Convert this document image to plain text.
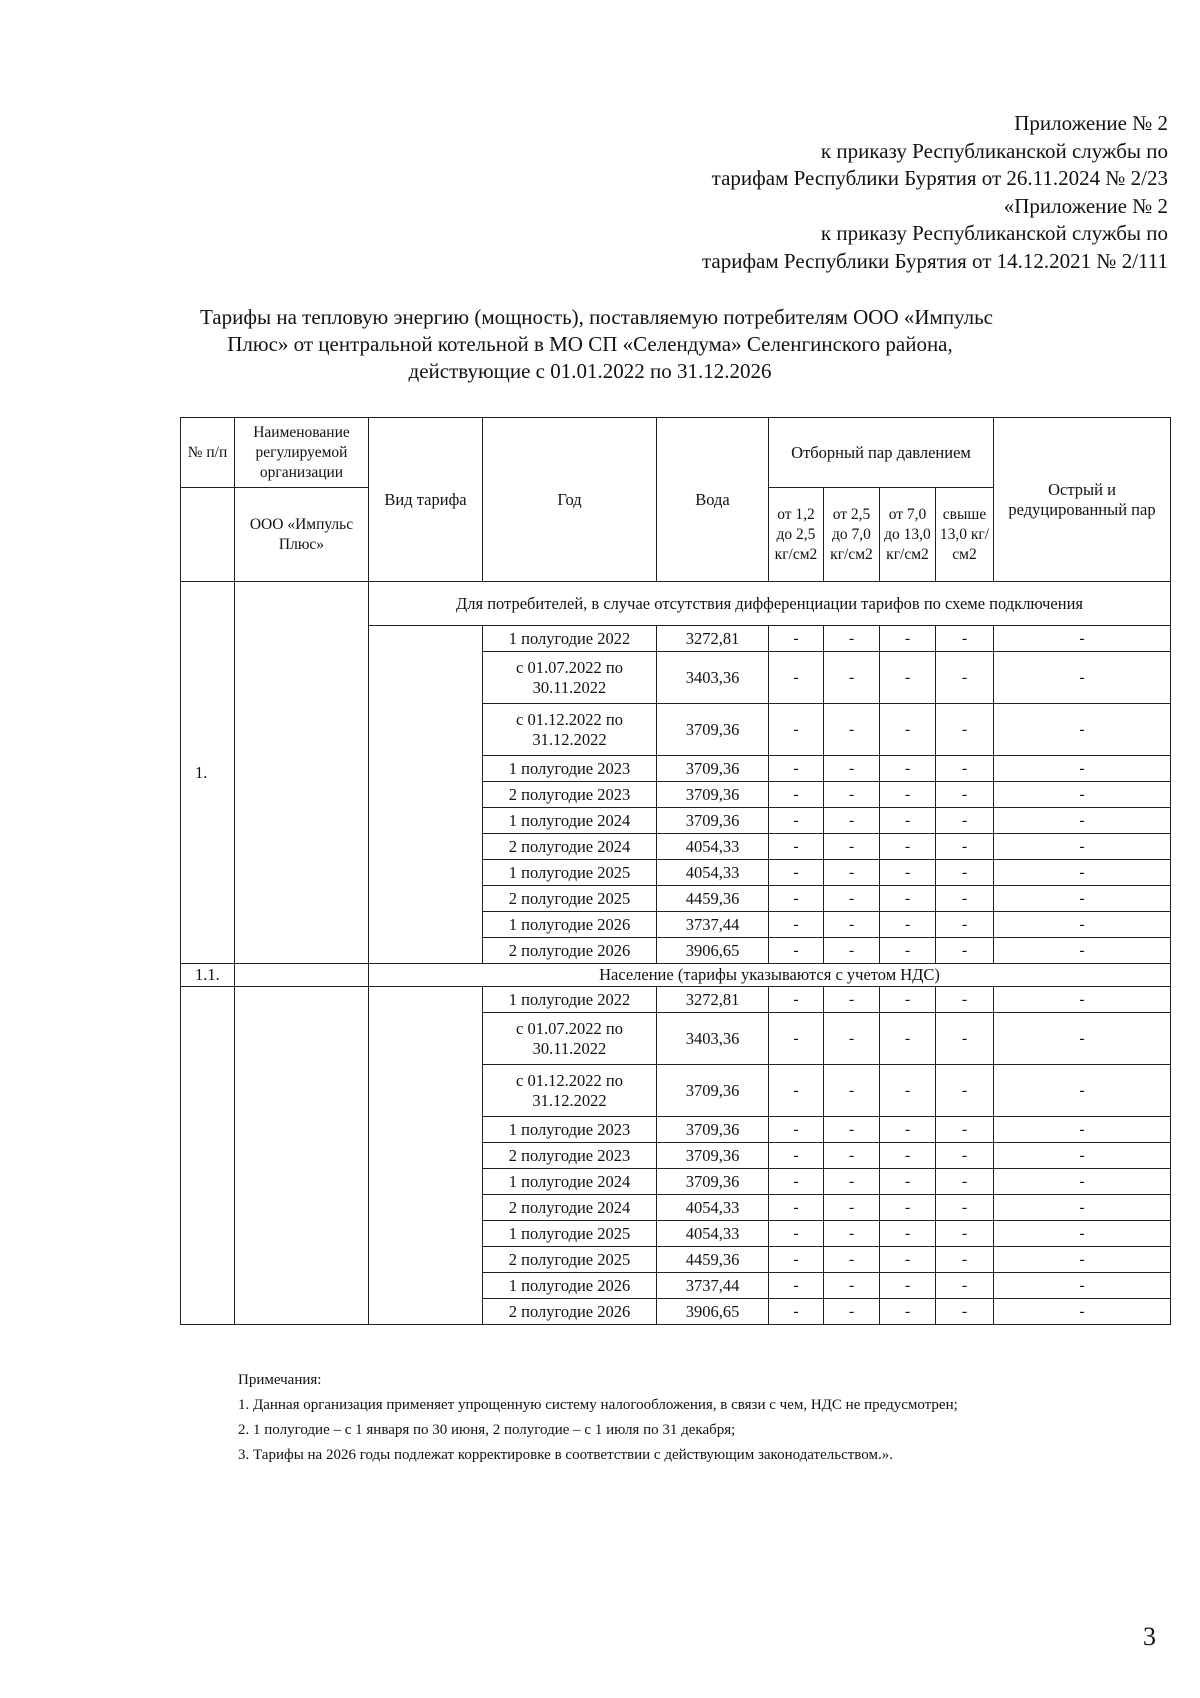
Приложение № 2
к приказу Республиканской службы по
тарифам Республики Бурятия от 26.11.2024 № 2/23
«Приложение № 2
к приказу Республиканской службы по
тарифам Республики Бурятия от 14.12.2021 № 2/111
Тарифы на тепловую энергию (мощность), поставляемую потребителям ООО «Импульс
Плюс» от центральной котельной в МО СП «Селендума» Селенгинского района,
действующие с 01.01.2022 по 31.12.2026
№ п/п	Наименование регулируемой организации	Вид тарифа	Год	Вода	Отборный пар давлением				Острый и редуцированный пар
	ООО «Импульс Плюс»				от 1,2 до 2,5 кг/см2	от 2,5 до 7,0 кг/см2	от 7,0 до 13,0 кг/см2	свыше 13,0 кг/см2	
1.		Для потребителей, в случае отсутствия дифференциации тарифов по схеме подключения							
			1 полугодие 2022	3272,81	-	-	-	-	-
			с 01.07.2022 по 30.11.2022	3403,36	-	-	-	-	-
			с 01.12.2022 по 31.12.2022	3709,36	-	-	-	-	-
			1 полугодие 2023	3709,36	-	-	-	-	-
			2 полугодие 2023	3709,36	-	-	-	-	-
			1 полугодие 2024	3709,36	-	-	-	-	-
			2 полугодие 2024	4054,33	-	-	-	-	-
			1 полугодие 2025	4054,33	-	-	-	-	-
			2 полугодие 2025	4459,36	-	-	-	-	-
			1 полугодие 2026	3737,44	-	-	-	-	-
			2 полугодие 2026	3906,65	-	-	-	-	-
1.1.		Население (тарифы указываются с учетом НДС)							
			1 полугодие 2022	3272,81	-	-	-	-	-
			с 01.07.2022 по 30.11.2022	3403,36	-	-	-	-	-
			с 01.12.2022 по 31.12.2022	3709,36	-	-	-	-	-
			1 полугодие 2023	3709,36	-	-	-	-	-
			2 полугодие 2023	3709,36	-	-	-	-	-
			1 полугодие 2024	3709,36	-	-	-	-	-
			2 полугодие 2024	4054,33	-	-	-	-	-
			1 полугодие 2025	4054,33	-	-	-	-	-
			2 полугодие 2025	4459,36	-	-	-	-	-
			1 полугодие 2026	3737,44	-	-	-	-	-
			2 полугодие 2026	3906,65	-	-	-	-	-
Примечания:
1. Данная организация применяет упрощенную систему налогообложения, в связи с чем, НДС не предусмотрен;
2. 1 полугодие – с 1 января по 30 июня, 2 полугодие – с 1 июля по 31 декабря;
3. Тарифы на 2026 годы подлежат корректировке в соответствии с действующим законодательством.».
3
